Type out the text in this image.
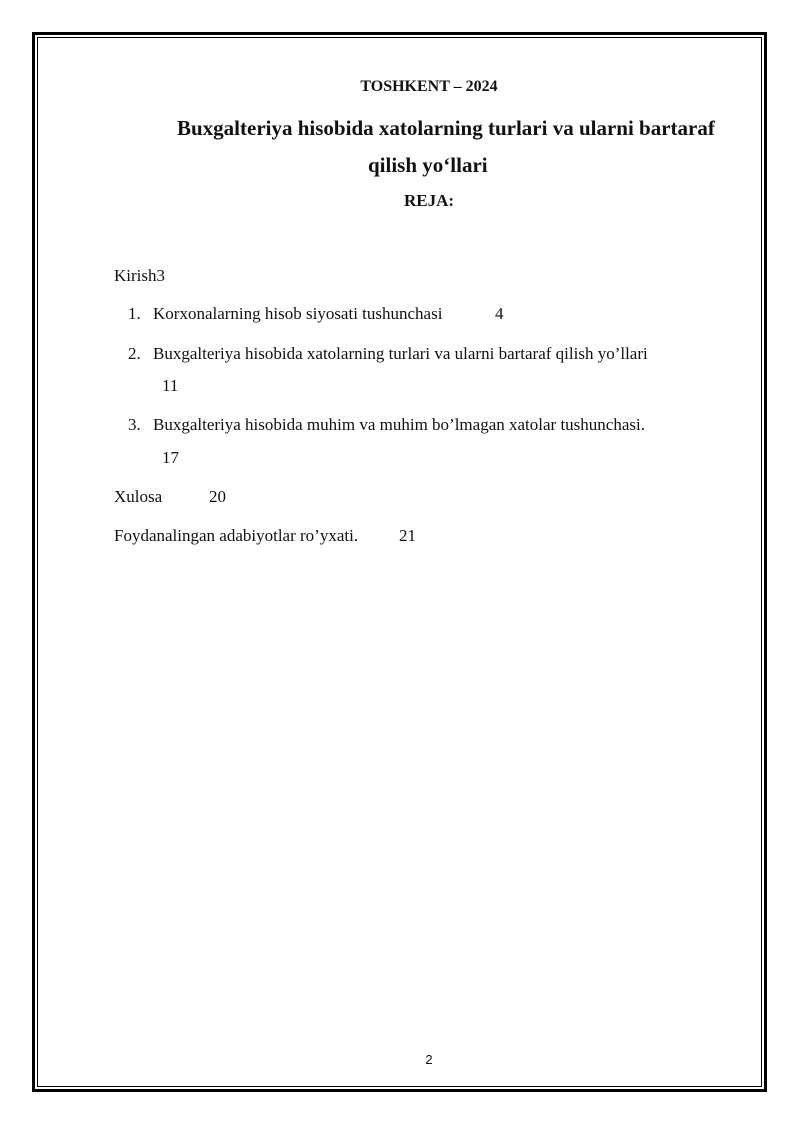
TOSHKENT – 2024
Buxgalteriya hisobida xatolarning turlari va ularni bartaraf
qilish yo‘llari
REJA:
Kirish3
1. Korxonalarning hisob siyosati tushunchasi	4
2. Buxgalteriya hisobida xatolarning turlari va ularni bartaraf qilish yo’llari
11
3. Buxgalteriya hisobida muhim va muhim bo’lmagan xatolar tushunchasi.
17
Xulosa	20
Foydanalingan adabiyotlar ro’yxati. 21
2
